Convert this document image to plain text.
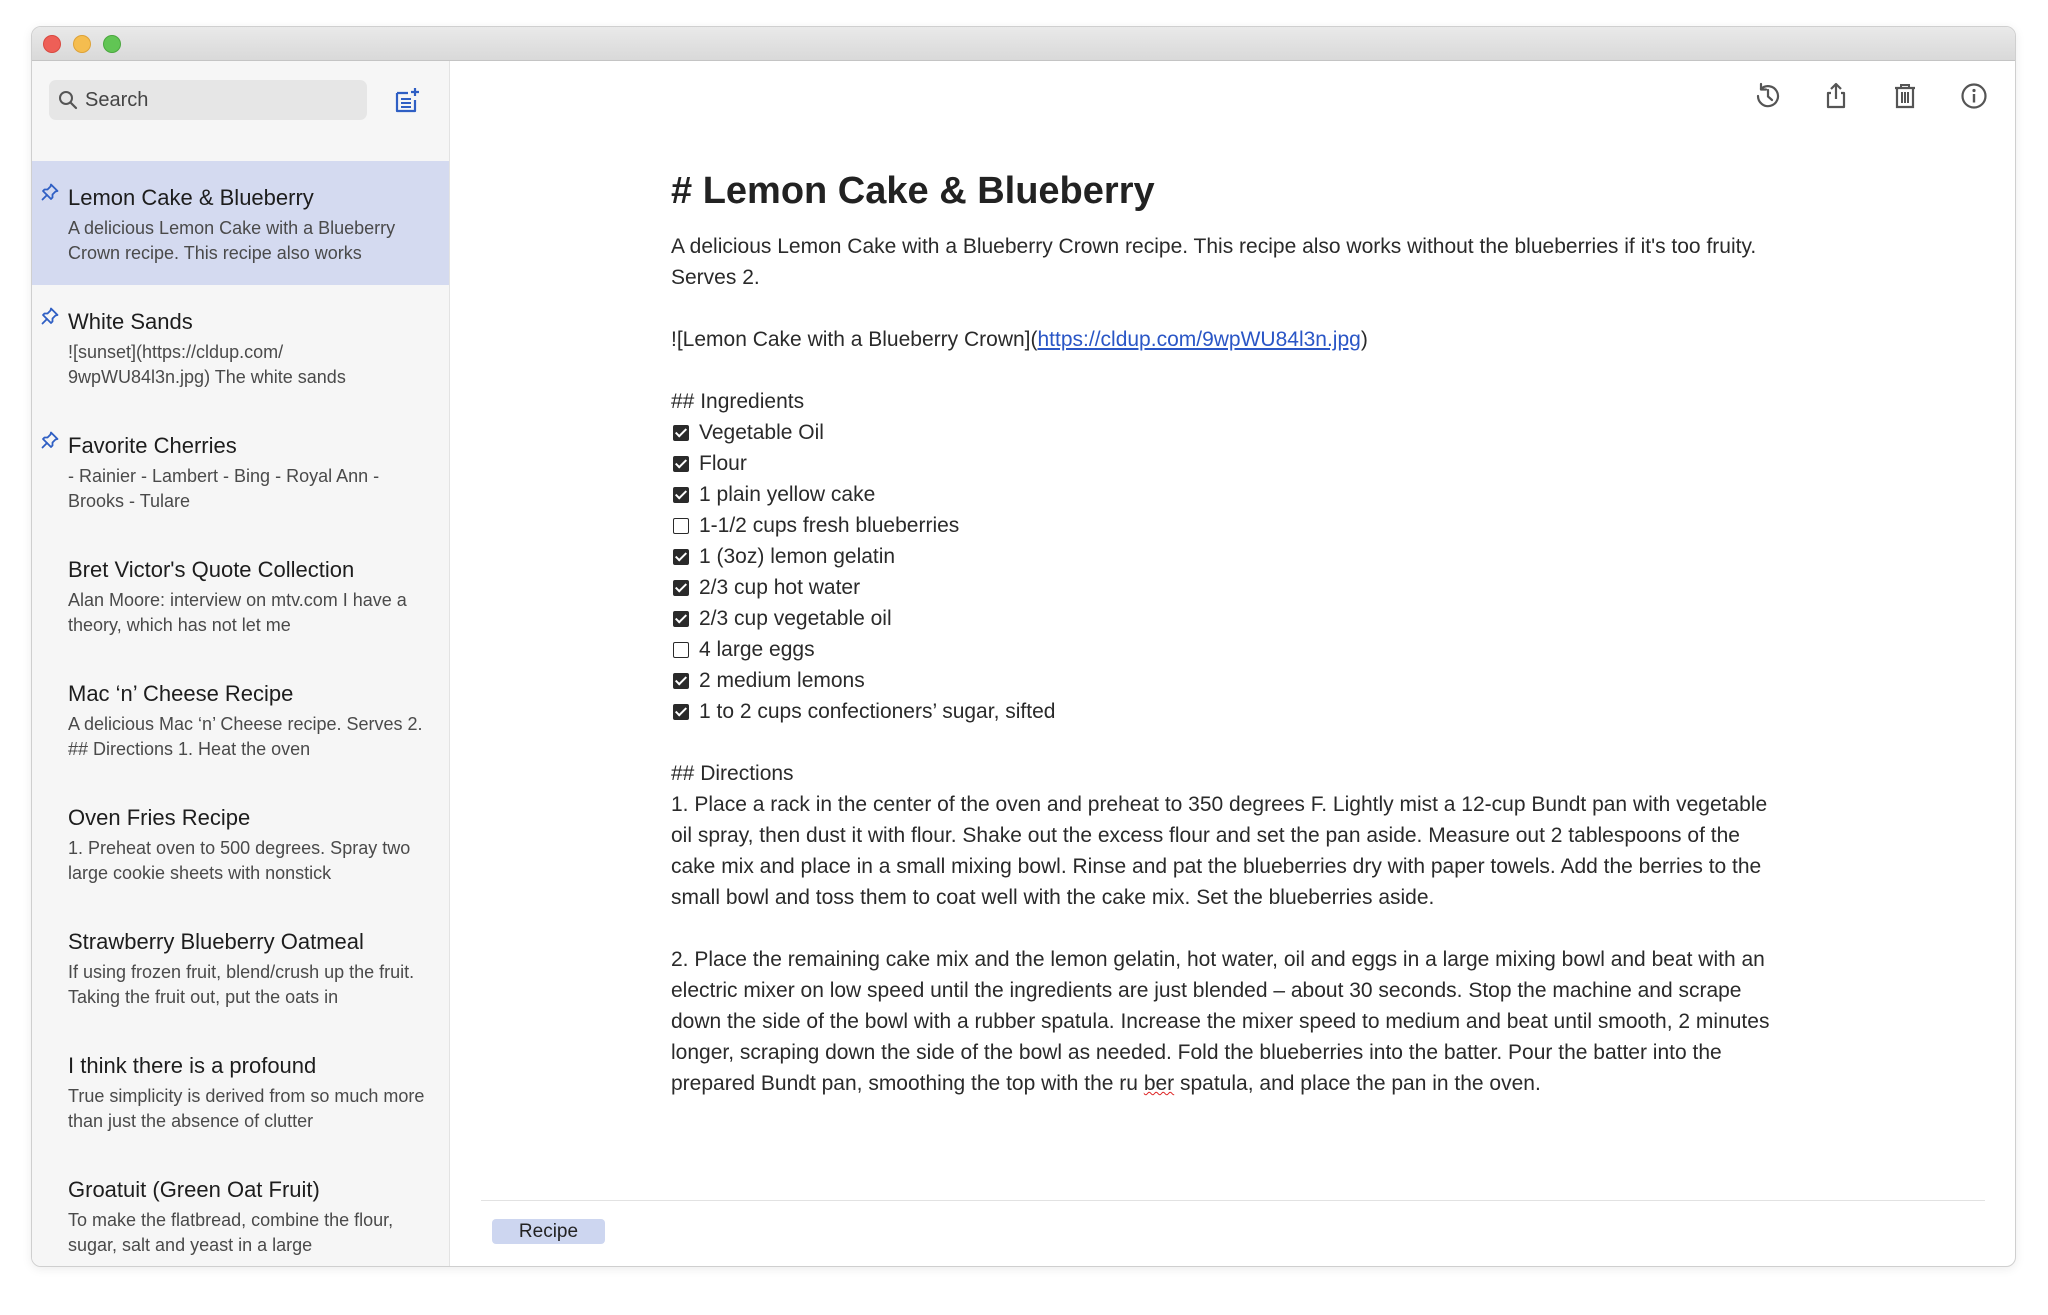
Search
Lemon Cake & Blueberry
A delicious Lemon Cake with a Blueberry Crown recipe. This recipe also works
White Sands
![sunset](https://cldup.com/ 9wpWU84l3n.jpg) The white sands
Favorite Cherries
- Rainier - Lambert - Bing - Royal Ann - Brooks - Tulare
Bret Victor's Quote Collection
Alan Moore: interview on mtv.com I have a theory, which has not let me
Mac ‘n’ Cheese Recipe
A delicious Mac ‘n’ Cheese recipe. Serves 2. ## Directions 1. Heat the oven
Oven Fries Recipe
1. Preheat oven to 500 degrees. Spray two large cookie sheets with nonstick
Strawberry Blueberry Oatmeal
If using frozen fruit, blend/crush up the fruit. Taking the fruit out, put the oats in
I think there is a profound
True simplicity is derived from so much more than just the absence of clutter
Groatuit (Green Oat Fruit)
To make the flatbread, combine the flour, sugar, salt and yeast in a large
# Lemon Cake & Blueberry

A delicious Lemon Cake with a Blueberry Crown recipe. This recipe also works without the blueberries if it's too fruity. Serves 2.

![Lemon Cake with a Blueberry Crown](https://cldup.com/9wpWU84l3n.jpg)

## Ingredients

Vegetable Oil
Flour
1 plain yellow cake
1-1/2 cups fresh blueberries
1 (3oz) lemon gelatin
2/3 cup hot water
2/3 cup vegetable oil
4 large eggs
2 medium lemons
1 to 2 cups confectioners’ sugar, sifted

## Directions

1. Place a rack in the center of the oven and preheat to 350 degrees F. Lightly mist a 12-cup Bundt pan with vegetable oil spray, then dust it with flour. Shake out the excess flour and set the pan aside. Measure out 2 tablespoons of the cake mix and place in a small mixing bowl. Rinse and pat the blueberries dry with paper towels. Add the berries to the small bowl and toss them to coat well with the cake mix. Set the blueberries aside.

2. Place the remaining cake mix and the lemon gelatin, hot water, oil and eggs in a large mixing bowl and beat with an electric mixer on low speed until the ingredients are just blended – about 30 seconds. Stop the machine and scrape down the side of the bowl with a rubber spatula. Increase the mixer speed to medium and beat until smooth, 2 minutes longer, scraping down the side of the bowl as needed. Fold the blueberries into the batter. Pour the batter into the prepared Bundt pan, smoothing the top with the ru ber spatula, and place the pan in the oven.

Recipe
